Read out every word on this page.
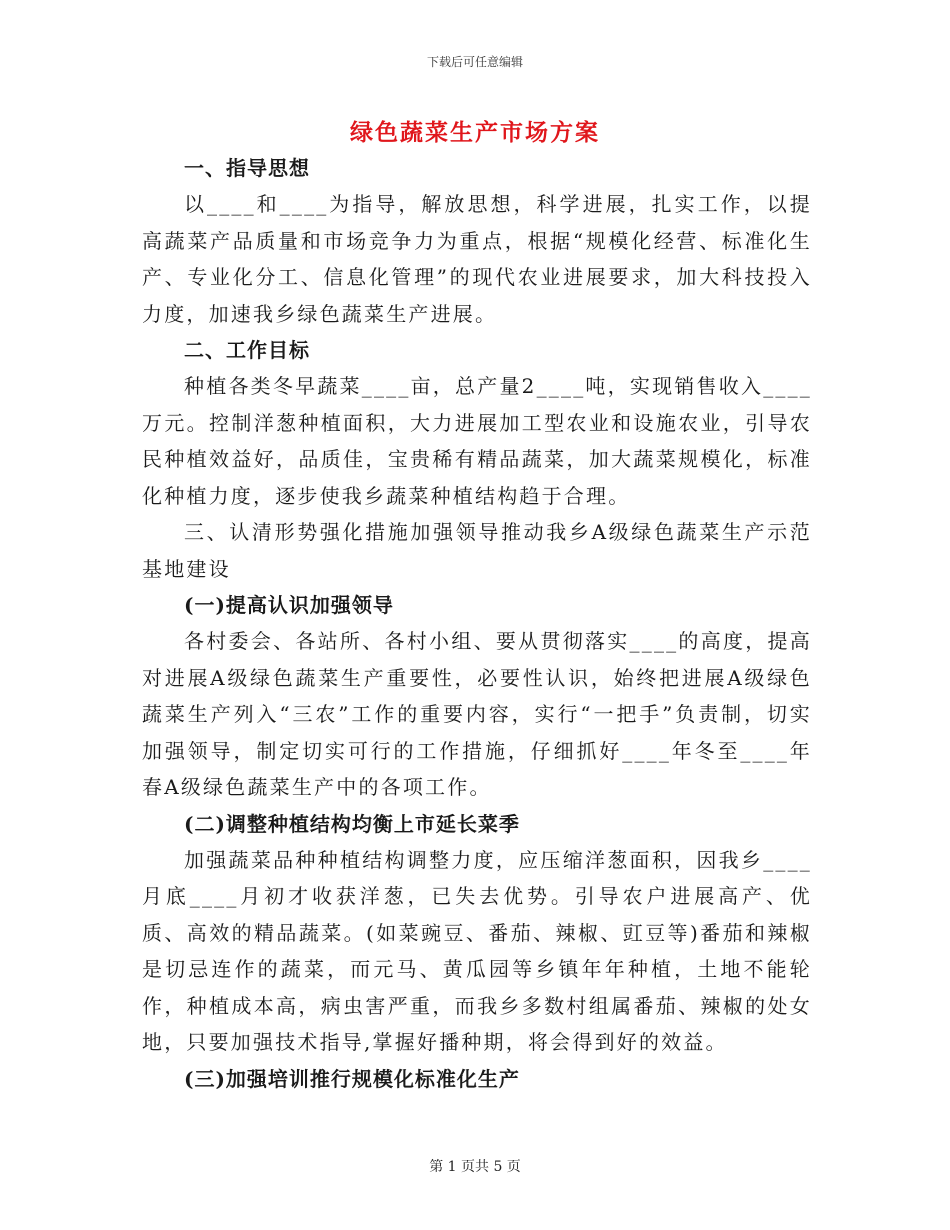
下载后可任意编辑
绿色蔬菜生产市场方案
一、指导思想

以____和____为指导，解放思想，科学进展，扎实工作，以提高蔬菜产品质量和市场竞争力为重点，根据“规模化经营、标准化生产、专业化分工、信息化管理”的现代农业进展要求，加大科技投入力度，加速我乡绿色蔬菜生产进展。

二、工作目标

种植各类冬早蔬菜____亩，总产量2____吨，实现销售收入____万元。控制洋葱种植面积，大力进展加工型农业和设施农业，引导农民种植效益好，品质佳，宝贵稀有精品蔬菜，加大蔬菜规模化，标准化种植力度，逐步使我乡蔬菜种植结构趋于合理。

三、认清形势强化措施加强领导推动我乡A级绿色蔬菜生产示范基地建设

(一)提高认识加强领导

各村委会、各站所、各村小组、要从贯彻落实____的高度，提高对进展A级绿色蔬菜生产重要性，必要性认识，始终把进展A级绿色蔬菜生产列入“三农”工作的重要内容，实行“一把手”负责制，切实加强领导，制定切实可行的工作措施，仔细抓好____年冬至____年春A级绿色蔬菜生产中的各项工作。

(二)调整种植结构均衡上市延长菜季

加强蔬菜品种种植结构调整力度，应压缩洋葱面积，因我乡____月底____月初才收获洋葱，已失去优势。引导农户进展高产、优质、高效的精品蔬菜。(如菜豌豆、番茄、辣椒、豇豆等)番茄和辣椒是切忌连作的蔬菜，而元马、黄瓜园等乡镇年年种植，土地不能轮作，种植成本高，病虫害严重，而我乡多数村组属番茄、辣椒的处女地，只要加强技术指导,掌握好播种期，将会得到好的效益。

(三)加强培训推行规模化标准化生产
第 1 页共 5 页
